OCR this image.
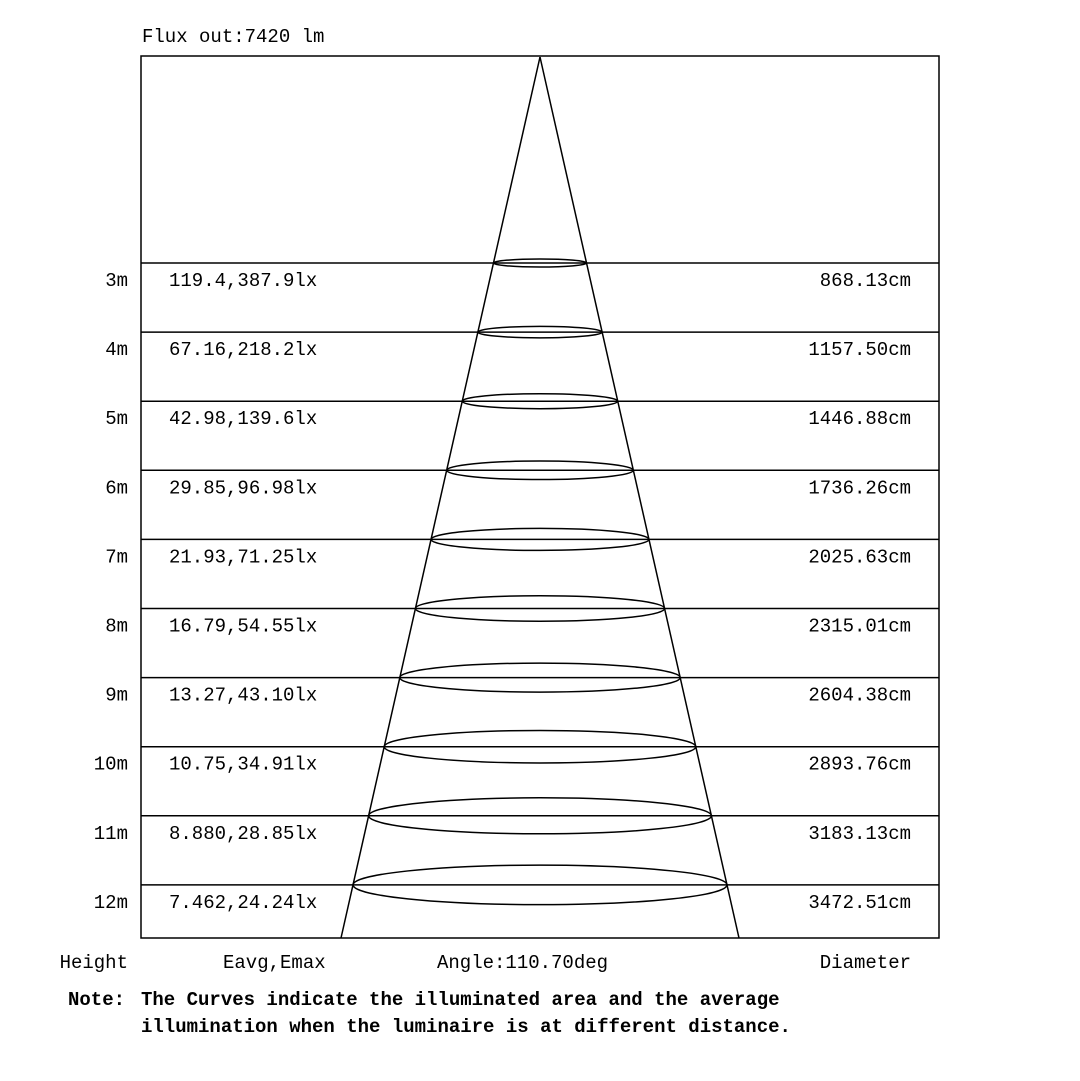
Flux out:7420 lm
3m 119.4,387.9lx	868.13cm
4m 67.16,218.2lx	1157.50cm
5m 42.98,139.6lx	1446.88cm
6m 29.85,96.98lx	1736.26cm
7m 21.93,71.25lx	2025.63cm
8m 16.79,54.55lx	2315.01cm
9m 13.27,43.10lx	2604.38cm
10m 10.75,34.91lx	2893.76cm
11m 8.880,28.85lx	3183.13cm
12m 7.462,24.24lx	3472.51cm
Height	Eavg,Emax	Angle:110.70deg	Diameter
Note: The Curves indicate the illuminated area and the average
illumination when the luminaire is at different distance.
